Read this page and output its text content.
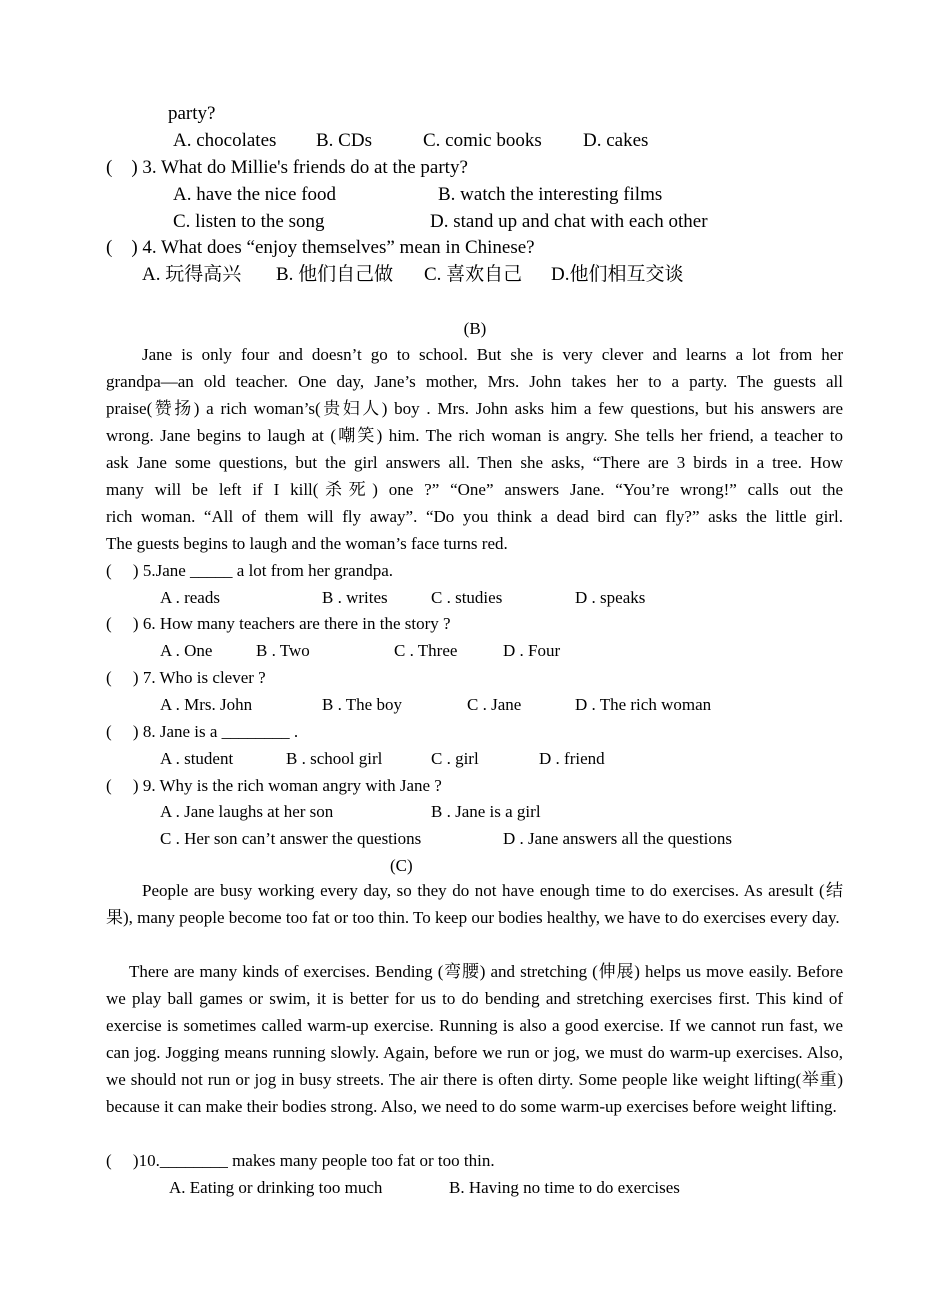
party?
A. chocolates B. CDs	C. comic books D. cakes
(    ) 3. What do Millie's friends do at the party?
A. have the nice food	B. watch the interesting films
C. listen to the song	D. stand up and chat with each other
(    ) 4. What does “enjoy themselves” mean in Chinese?
A. 玩得高兴 B. 他们自己做 C. 喜欢自己 D.他们相互交谈
(B)
Jane is only four and doesn’t go to school. But she is very clever and learns a lot from her
grandpa—an old teacher. One day, Jane’s mother, Mrs. John takes her to a party. The guests all
praise(赞扬) a rich woman’s(贵妇人) boy . Mrs. John asks him a few questions, but his answers are
wrong. Jane begins to laugh at (嘲笑) him. The rich woman is angry. She tells her friend, a teacher to
ask Jane some questions, but the girl answers all. Then she asks, “There are 3 birds in a tree. How
many will be left if I kill(杀死) one ?” “One” answers Jane. “You’re wrong!” calls out the
rich woman. “All of them will fly away”. “Do you think a dead bird can fly?” asks the little girl.
The guests begins to laugh and the woman’s face turns red.
(     ) 5.Jane _____ a lot from her grandpa.
A . reads	B . writes	C . studies	D . speaks
(     ) 6. How many teachers are there in the story ?
A . One	B . Two	C . Three	D . Four
(     ) 7. Who is clever ?
A . Mrs. John	B . The boy	C . Jane	D . The rich woman
(     ) 8. Jane is a ________ .
A . student	B . school girl	C . girl	D . friend
(     ) 9. Why is the rich woman angry with Jane ?
A . Jane laughs at her son	B . Jane is a girl
C . Her son can’t answer the questions	D . Jane answers all the questions
(C)
People are busy working every day, so they do not have enough time to do exercises. As aresult (结果), many people become too fat or too thin. To keep our bodies healthy, we have to do exercises every day.
There are many kinds of exercises. Bending (弯腰) and stretching (伸展) helps us move easily. Before we play ball games or swim, it is better for us to do bending and stretching exercises first. This kind of exercise is sometimes called warm-up exercise. Running is also a good exercise. If we cannot run fast, we can jog. Jogging means running slowly. Again, before we run or jog, we must do warm-up exercises. Also, we should not run or jog in busy streets. The air there is often dirty. Some people like weight lifting(举重) because it can make their bodies strong. Also, we need to do some warm-up exercises before weight lifting.
(     )10.________ makes many people too fat or too thin.
A. Eating or drinking too much	B. Having no time to do exercises
